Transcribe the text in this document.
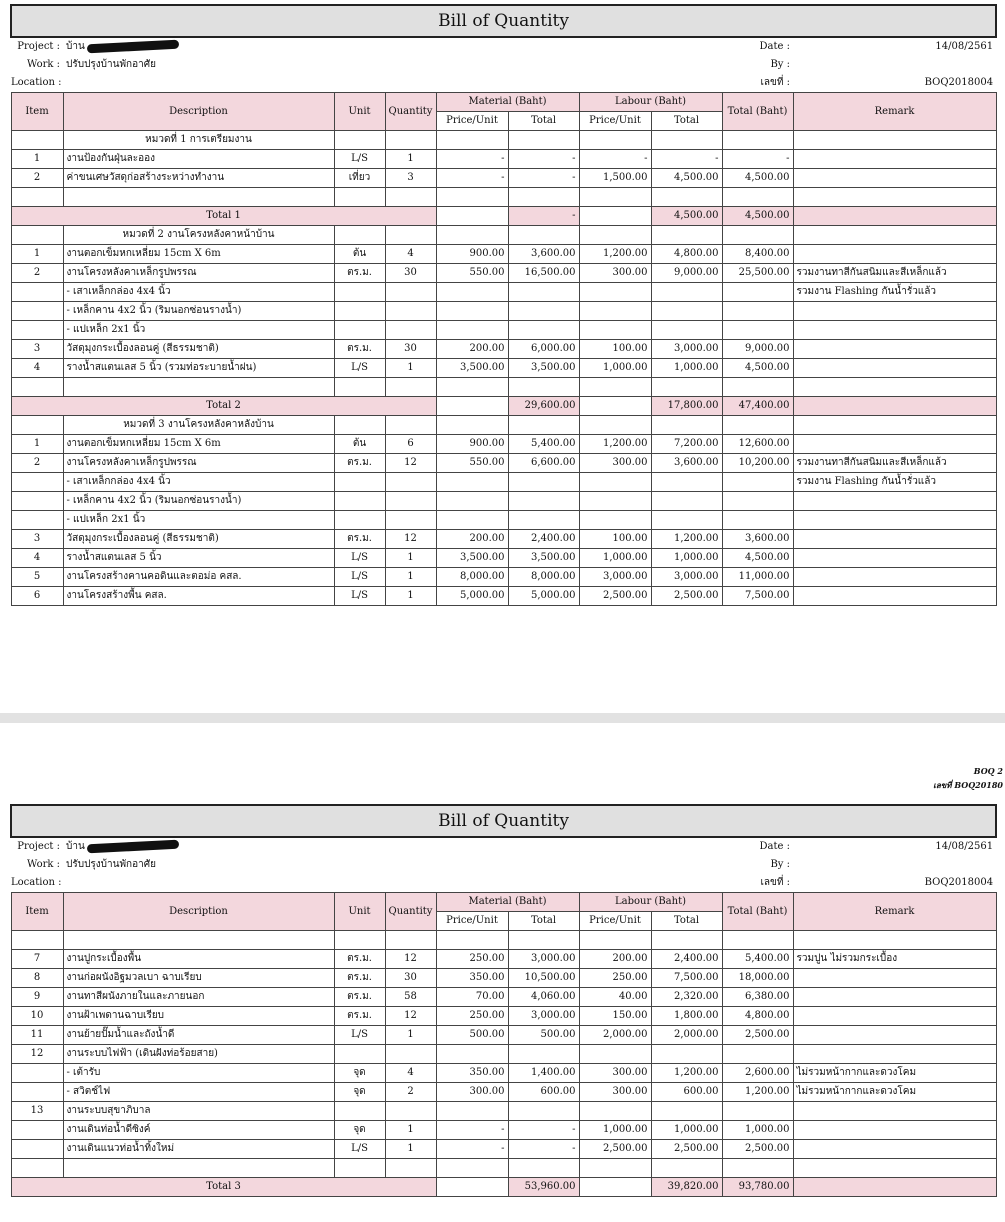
BOQ 2
เลขที่ BOQ20180
Bill of Quantity									
Project :	บ้าน							Date :	14/08/2561
Work :	ปรับปรุงบ้านพักอาศัย							By :	
Location :								เลขที่ :	BOQ2018004
Item	Description	Unit	Quantity	Material (Baht)		Labour (Baht)		Total (Baht)	Remark
				Price/Unit	Total	Price/Unit	Total		
	หมวดที่ 1 การเตรียมงาน								
1	งานป้องกันฝุ่นละออง	L/S	1	-	-	-	-	-	
2	ค่าขนเศษวัสดุก่อสร้างระหว่างทำงาน	เที่ยว	3	-	-	1,500.00	4,500.00	4,500.00	

Total 1					-		4,500.00	4,500.00	
	หมวดที่ 2 งานโครงหลังคาหน้าบ้าน								
1	งานตอกเข็มหกเหลี่ยม 15cm X 6m	ต้น	4	900.00	3,600.00	1,200.00	4,800.00	8,400.00	
2	งานโครงหลังคาเหล็กรูปพรรณ	ตร.ม.	30	550.00	16,500.00	300.00	9,000.00	25,500.00	รวมงานทาสีกันสนิมและสีเหล็กแล้ว
	- เสาเหล็กกล่อง 4x4 นิ้ว								รวมงาน Flashing กันน้ำรั่วแล้ว
	- เหล็กคาน 4x2 นิ้ว (ริมนอกซ่อนรางน้ำ)								
	- แปเหล็ก 2x1 นิ้ว								
3	วัสดุมุงกระเบื้องลอนคู่ (สีธรรมชาติ)	ตร.ม.	30	200.00	6,000.00	100.00	3,000.00	9,000.00	
4	รางน้ำสแตนเลส 5 นิ้ว (รวมท่อระบายน้ำฝน)	L/S	1	3,500.00	3,500.00	1,000.00	1,000.00	4,500.00	

Total 2					29,600.00		17,800.00	47,400.00	
	หมวดที่ 3 งานโครงหลังคาหลังบ้าน								
1	งานตอกเข็มหกเหลี่ยม 15cm X 6m	ต้น	6	900.00	5,400.00	1,200.00	7,200.00	12,600.00	
2	งานโครงหลังคาเหล็กรูปพรรณ	ตร.ม.	12	550.00	6,600.00	300.00	3,600.00	10,200.00	รวมงานทาสีกันสนิมและสีเหล็กแล้ว
	- เสาเหล็กกล่อง 4x4 นิ้ว								รวมงาน Flashing กันน้ำรั่วแล้ว
	- เหล็กคาน 4x2 นิ้ว (ริมนอกซ่อนรางน้ำ)								
	- แปเหล็ก 2x1 นิ้ว								
3	วัสดุมุงกระเบื้องลอนคู่ (สีธรรมชาติ)	ตร.ม.	12	200.00	2,400.00	100.00	1,200.00	3,600.00	
4	รางน้ำสแตนเลส 5 นิ้ว	L/S	1	3,500.00	3,500.00	1,000.00	1,000.00	4,500.00	
5	งานโครงสร้างคานคอดินและตอม่อ คสล.	L/S	1	8,000.00	8,000.00	3,000.00	3,000.00	11,000.00	
6	งานโครงสร้างพื้น คสล.	L/S	1	5,000.00	5,000.00	2,500.00	2,500.00	7,500.00	
Bill of Quantity									
Project :	บ้าน							Date :	14/08/2561
Work :	ปรับปรุงบ้านพักอาศัย							By :	
Location :								เลขที่ :	BOQ2018004
Item	Description	Unit	Quantity	Material (Baht)		Labour (Baht)		Total (Baht)	Remark
				Price/Unit	Total	Price/Unit	Total		

7	งานปูกระเบื้องพื้น	ตร.ม.	12	250.00	3,000.00	200.00	2,400.00	5,400.00	รวมปูน ไม่รวมกระเบื้อง
8	งานก่อผนังอิฐมวลเบา ฉาบเรียบ	ตร.ม.	30	350.00	10,500.00	250.00	7,500.00	18,000.00	
9	งานทาสีผนังภายในและภายนอก	ตร.ม.	58	70.00	4,060.00	40.00	2,320.00	6,380.00	
10	งานฝ้าเพดานฉาบเรียบ	ตร.ม.	12	250.00	3,000.00	150.00	1,800.00	4,800.00	
11	งานย้ายปั๊มน้ำและถังน้ำดี	L/S	1	500.00	500.00	2,000.00	2,000.00	2,500.00	
12	งานระบบไฟฟ้า (เดินฝังท่อร้อยสาย)								
	- เต้ารับ	จุด	4	350.00	1,400.00	300.00	1,200.00	2,600.00	ไม่รวมหน้ากากและดวงโคม
	- สวิตช์ไฟ	จุด	2	300.00	600.00	300.00	600.00	1,200.00	ไม่รวมหน้ากากและดวงโคม
13	งานระบบสุขาภิบาล								
	งานเดินท่อน้ำดีซิงค์	จุด	1	-	-	1,000.00	1,000.00	1,000.00	
	งานเดินแนวท่อน้ำทิ้งใหม่	L/S	1	-	-	2,500.00	2,500.00	2,500.00	

Total 3					53,960.00		39,820.00	93,780.00	
